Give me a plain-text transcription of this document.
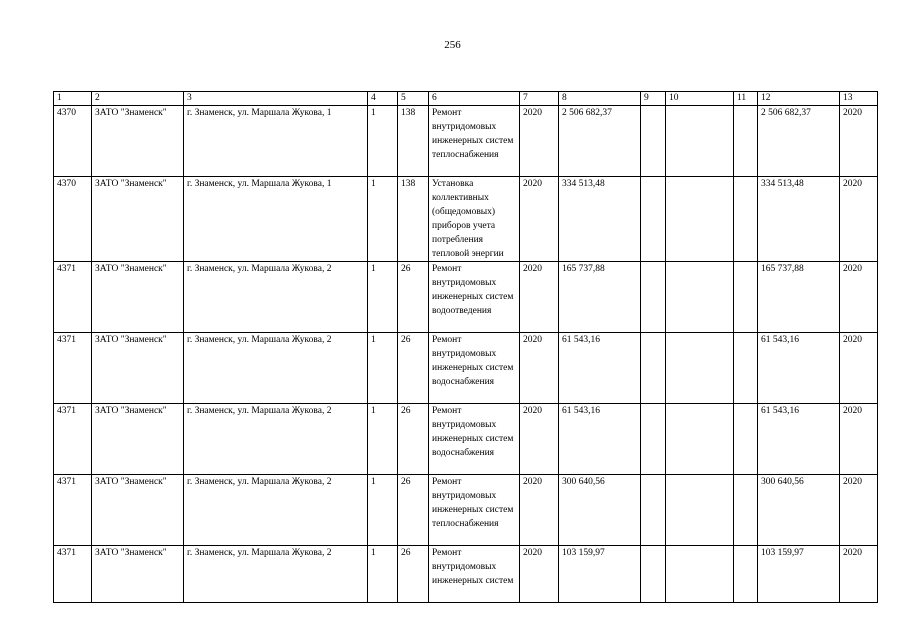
256
1	2	3	4	5	6	7	8	9	10	11	12	13
4370	ЗАТО "Знаменск"	г. Знаменск, ул. Маршала Жукова, 1	1	138	Ремонт внутридомовых инженерных систем теплоснабжения	2020	2 506 682,37				2 506 682,37	2020
4370	ЗАТО "Знаменск"	г. Знаменск, ул. Маршала Жукова, 1	1	138	Установка коллективных (общедомовых) приборов учета потребления тепловой энергии	2020	334 513,48				334 513,48	2020
4371	ЗАТО "Знаменск"	г. Знаменск, ул. Маршала Жукова, 2	1	26	Ремонт внутридомовых инженерных систем водоотведения	2020	165 737,88				165 737,88	2020
4371	ЗАТО "Знаменск"	г. Знаменск, ул. Маршала Жукова, 2	1	26	Ремонт внутридомовых инженерных систем водоснабжения	2020	61 543,16				61 543,16	2020
4371	ЗАТО "Знаменск"	г. Знаменск, ул. Маршала Жукова, 2	1	26	Ремонт внутридомовых инженерных систем водоснабжения	2020	61 543,16				61 543,16	2020
4371	ЗАТО "Знаменск"	г. Знаменск, ул. Маршала Жукова, 2	1	26	Ремонт внутридомовых инженерных систем теплоснабжения	2020	300 640,56				300 640,56	2020
4371	ЗАТО "Знаменск"	г. Знаменск, ул. Маршала Жукова, 2	1	26	Ремонт внутридомовых инженерных систем	2020	103 159,97				103 159,97	2020
